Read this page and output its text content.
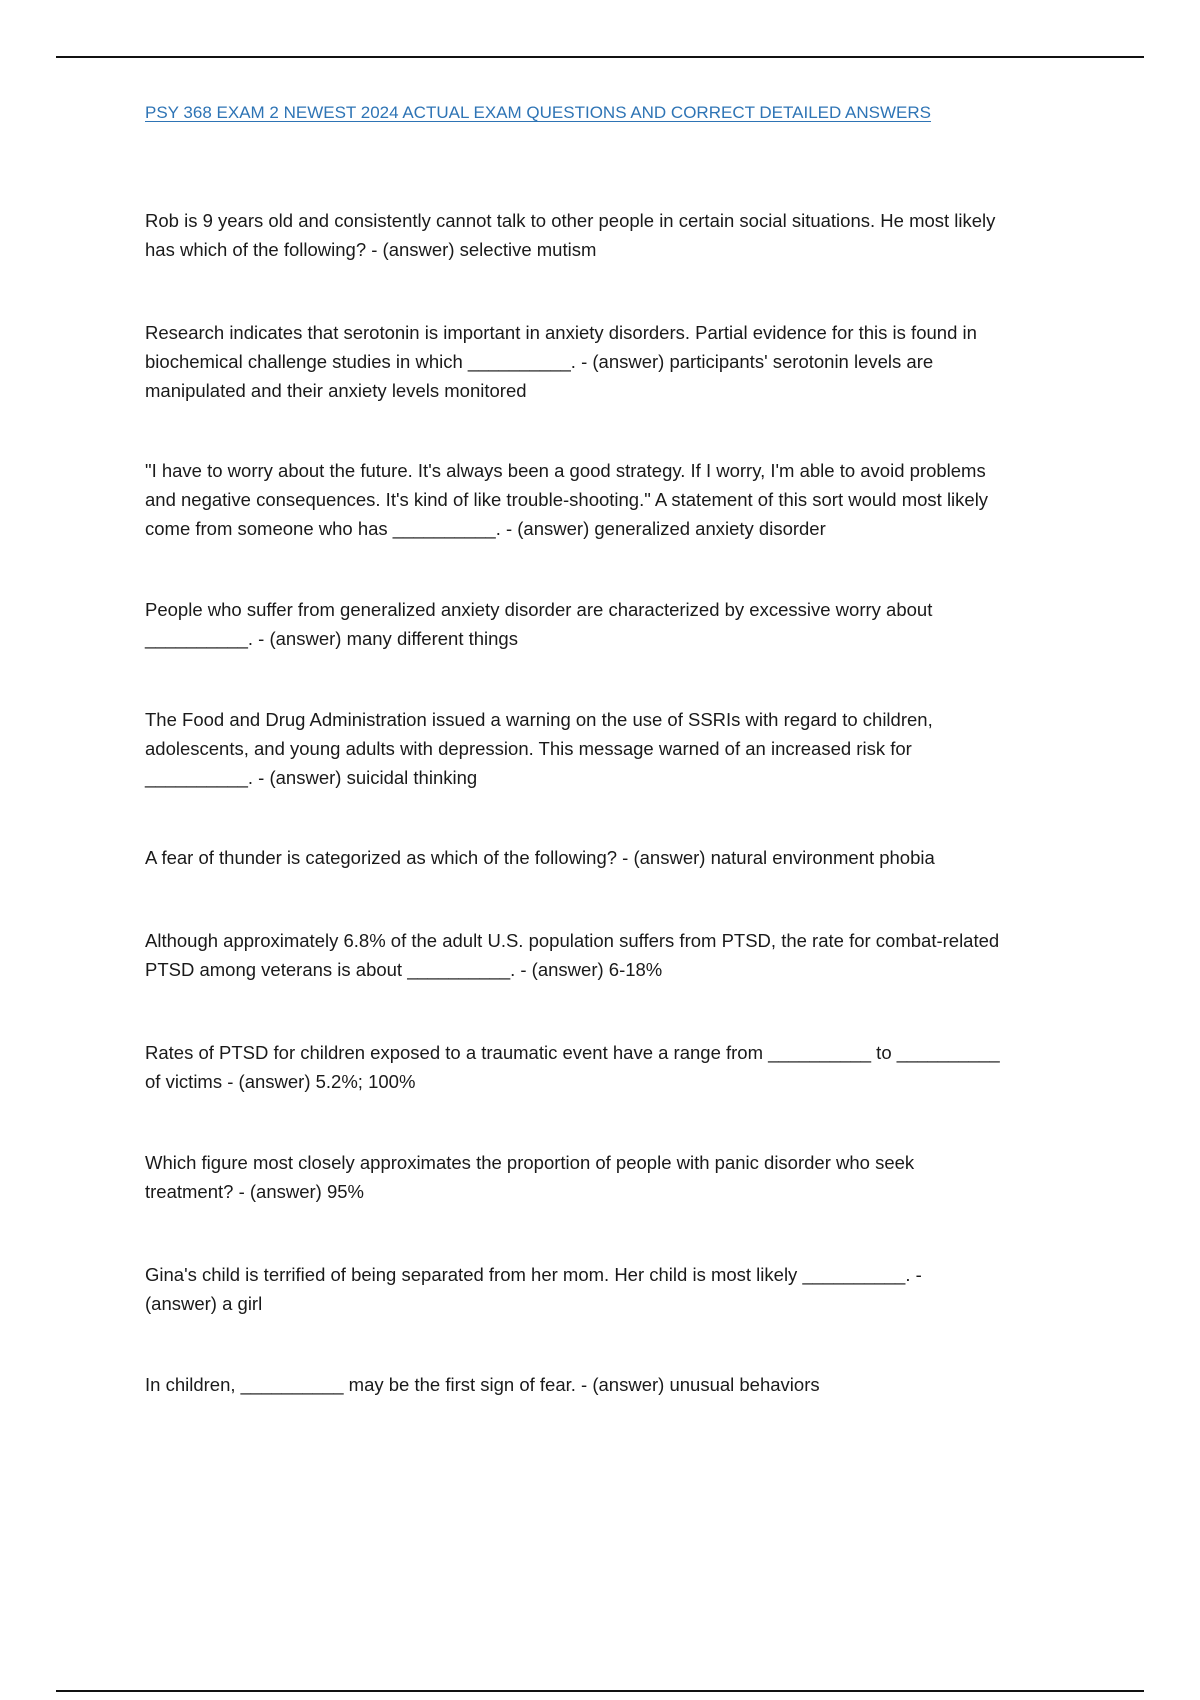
PSY 368 EXAM 2 NEWEST 2024 ACTUAL EXAM QUESTIONS AND CORRECT DETAILED ANSWERS
Rob is 9 years old and consistently cannot talk to other people in certain social situations. He most likely
has which of the following? - (answer) selective mutism
Research indicates that serotonin is important in anxiety disorders. Partial evidence for this is found in
biochemical challenge studies in which __________. - (answer) participants' serotonin levels are
manipulated and their anxiety levels monitored
"I have to worry about the future. It's always been a good strategy. If I worry, I'm able to avoid problems
and negative consequences. It's kind of like trouble-shooting." A statement of this sort would most likely
come from someone who has __________. - (answer) generalized anxiety disorder
People who suffer from generalized anxiety disorder are characterized by excessive worry about
__________. - (answer) many different things
The Food and Drug Administration issued a warning on the use of SSRIs with regard to children,
adolescents, and young adults with depression. This message warned of an increased risk for
__________. - (answer) suicidal thinking
A fear of thunder is categorized as which of the following? - (answer) natural environment phobia
Although approximately 6.8% of the adult U.S. population suffers from PTSD, the rate for combat-related
PTSD among veterans is about __________. - (answer) 6-18%
Rates of PTSD for children exposed to a traumatic event have a range from __________ to __________
of victims - (answer) 5.2%; 100%
Which figure most closely approximates the proportion of people with panic disorder who seek
treatment? - (answer) 95%
Gina's child is terrified of being separated from her mom. Her child is most likely __________. -
(answer) a girl
In children, __________ may be the first sign of fear. - (answer) unusual behaviors
